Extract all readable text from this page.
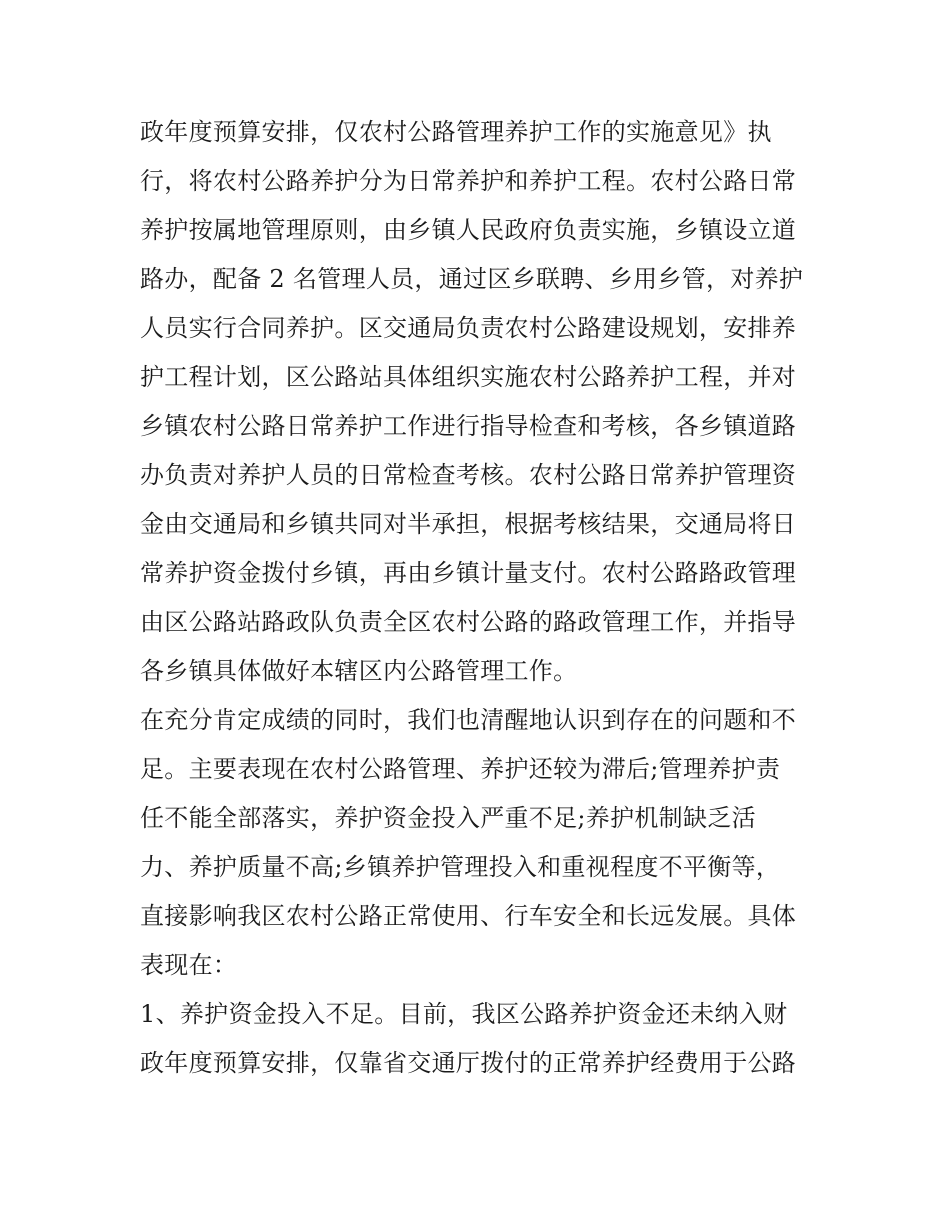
政年度预算安排，仅农村公路管理养护工作的实施意见》执
行，将农村公路养护分为日常养护和养护工程。农村公路日常
养护按属地管理原则，由乡镇人民政府负责实施，乡镇设立道
路办，配备 2 名管理人员，通过区乡联聘、乡用乡管，对养护
人员实行合同养护。区交通局负责农村公路建设规划，安排养
护工程计划，区公路站具体组织实施农村公路养护工程，并对
乡镇农村公路日常养护工作进行指导检查和考核，各乡镇道路
办负责对养护人员的日常检查考核。农村公路日常养护管理资
金由交通局和乡镇共同对半承担，根据考核结果，交通局将日
常养护资金拨付乡镇，再由乡镇计量支付。农村公路路政管理
由区公路站路政队负责全区农村公路的路政管理工作，并指导
各乡镇具体做好本辖区内公路管理工作。
在充分肯定成绩的同时，我们也清醒地认识到存在的问题和不
足。主要表现在农村公路管理、养护还较为滞后;管理养护责
任不能全部落实，养护资金投入严重不足;养护机制缺乏活
力、养护质量不高;乡镇养护管理投入和重视程度不平衡等，
直接影响我区农村公路正常使用、行车安全和长远发展。具体
表现在：
1、养护资金投入不足。目前，我区公路养护资金还未纳入财
政年度预算安排，仅靠省交通厅拨付的正常养护经费用于公路
